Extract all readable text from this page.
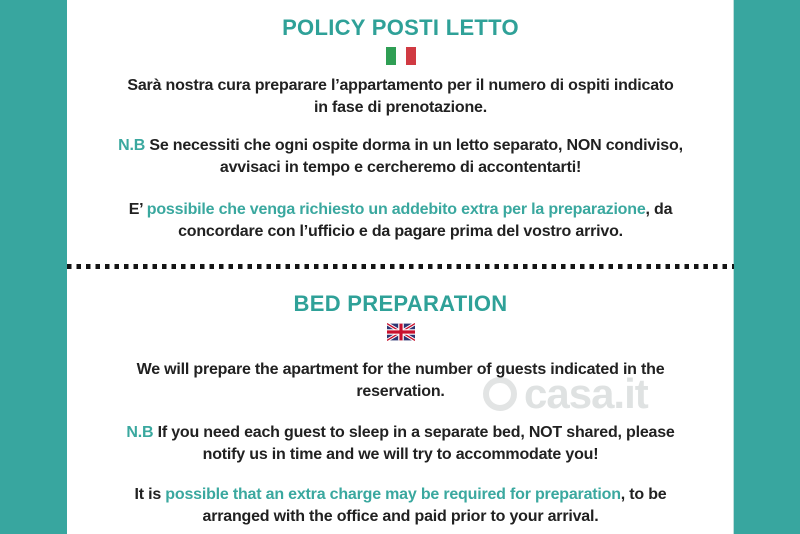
casa.it
POLICY POSTI LETTO
Sarà nostra cura preparare l’appartamento per il numero di ospiti indicato
in fase di prenotazione.
N.B Se necessiti che ogni ospite dorma in un letto separato, NON condiviso,
avvisaci in tempo e cercheremo di accontentarti!
E’ possibile che venga richiesto un addebito extra per la preparazione, da
concordare con l’ufficio e da pagare prima del vostro arrivo.
BED PREPARATION
We will prepare the apartment for the number of guests indicated in the
reservation.
N.B If you need each guest to sleep in a separate bed, NOT shared, please
notify us in time and we will try to accommodate you!
It is possible that an extra charge may be required for preparation, to be
arranged with the office and paid prior to your arrival.
